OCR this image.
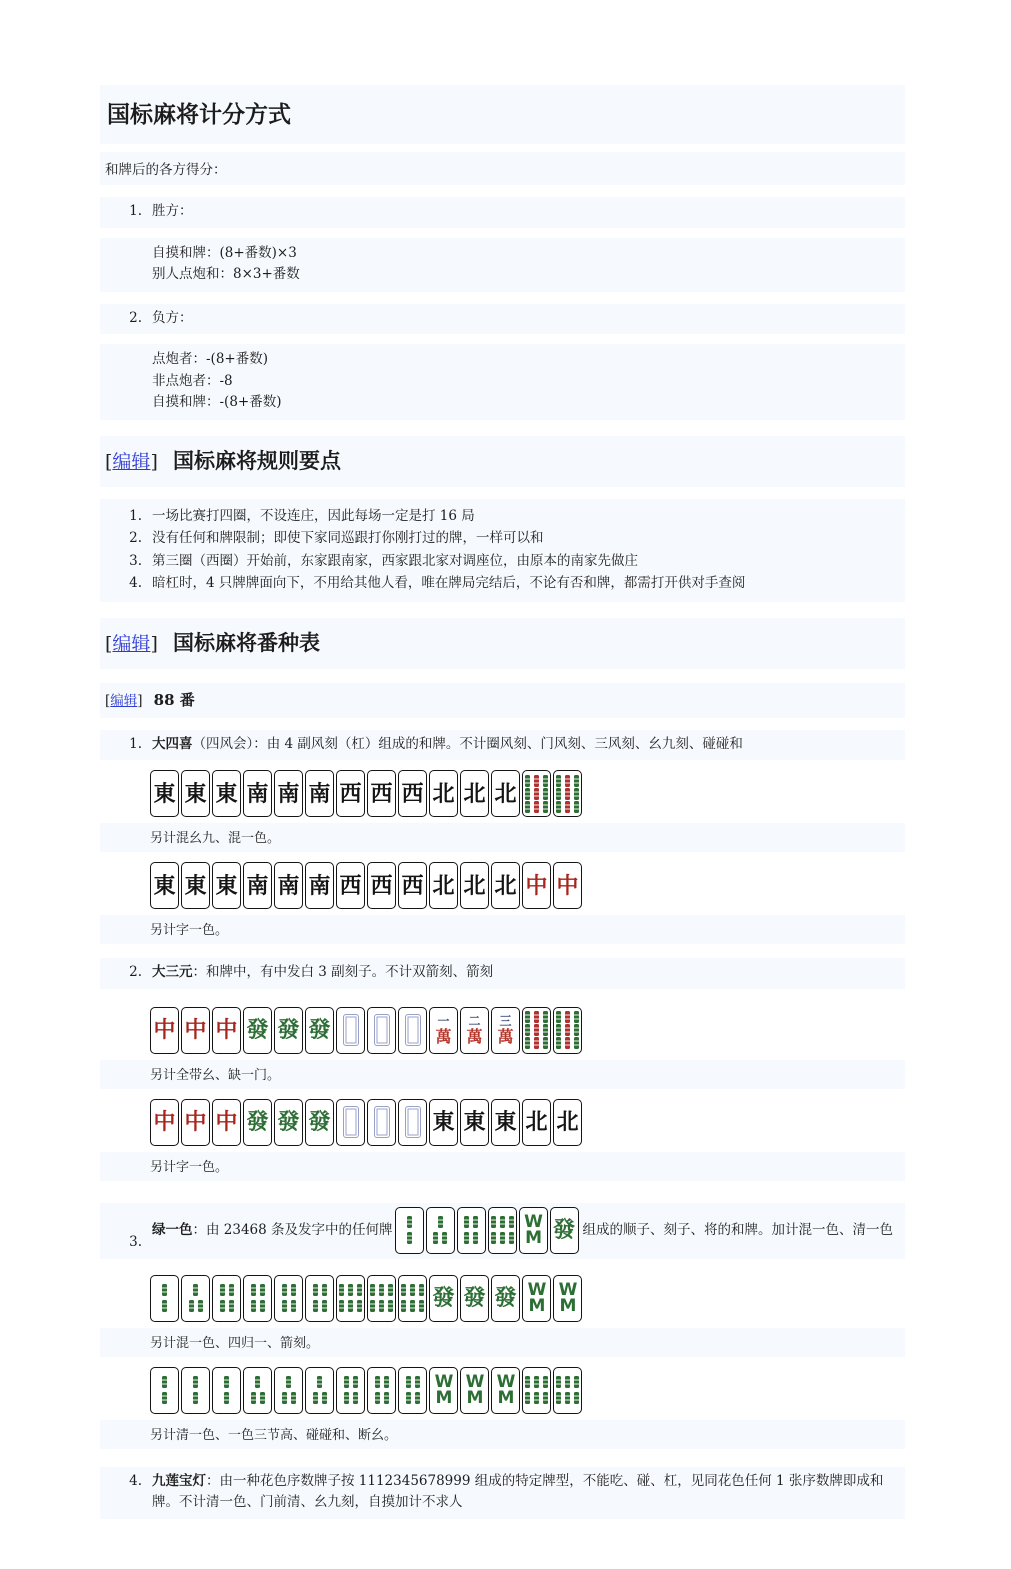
国标麻将计分方式
和牌后的各方得分：
1. 胜方：
自摸和牌：(8+番数)×3
别人点炮和：8×3+番数
2. 负方：
点炮者：-(8+番数)
非点炮者：-8
自摸和牌：-(8+番数)
[编辑] 国标麻将规则要点
1. 一场比赛打四圈，不设连庄，因此每场一定是打 16 局
2. 没有任何和牌限制；即使下家同巡跟打你刚打过的牌，一样可以和
3. 第三圈（西圈）开始前，东家跟南家，西家跟北家对调座位，由原本的南家先做庄
4. 暗杠时，4 只牌牌面向下，不用给其他人看，唯在牌局完结后，不论有否和牌，都需打开供对手查阅
[编辑] 国标麻将番种表
[编辑] 88 番
1. 大四喜（四风会）：由 4 副风刻（杠）组成的和牌。不计圈风刻、门风刻、三风刻、幺九刻、碰碰和
東 東 東 南 南 南 西 西 西 北 北 北
另计混幺九、混一色。
東 東 東 南 南 南 西 西 西 北 北 北 中 中
另计字一色。
2. 大三元：和牌中，有中发白 3 副刻子。不计双箭刻、箭刻
中 中 中 發 發 發	一
萬
二
萬
三
萬
另计全带幺、缺一门。
中 中 中 發 發 發	東 東 東 北 北
另计字一色。
3.
绿一色：由 23468 条及发字中的任何牌	W
M 發 组成的顺子、刻子、将的和牌。加计混一色、清一色
發 發 發 W
M
W
M
另计混一色、四归一、箭刻。
W
M
W
M
W
M
另计清一色、一色三节高、碰碰和、断幺。
4. 九莲宝灯：由一种花色序数牌子按 1112345678999 组成的特定牌型，不能吃、碰、杠，见同花色任何 1 张序数牌即成和牌。不计清一色、门前清、幺九刻，自摸加计不求人
